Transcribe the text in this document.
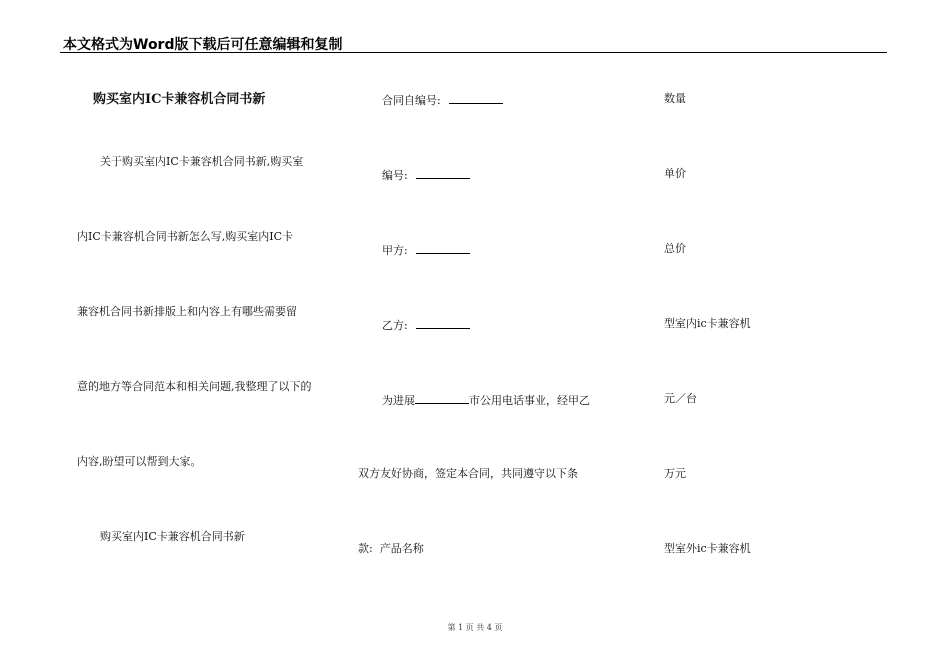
本文格式为Word版下载后可任意编辑和复制
购买室内IC卡兼容机合同书新
关于购买室内IC卡兼容机合同书新,购买室
内IC卡兼容机合同书新怎么写,购买室内IC卡
兼容机合同书新排版上和内容上有哪些需要留
意的地方等合同范本和相关问题,我整理了以下的
内容,盼望可以帮到大家。
购买室内IC卡兼容机合同书新
合同自编号:
编号:
甲方:
乙方:
为进展	市公用电话事业，经甲乙
双方友好协商，签定本合同，共同遵守以下条
款:  产品名称
数量
单价
总价
型室内ic卡兼容机
元／台
万元
型室外ic卡兼容机
第 1 页 共 4 页
